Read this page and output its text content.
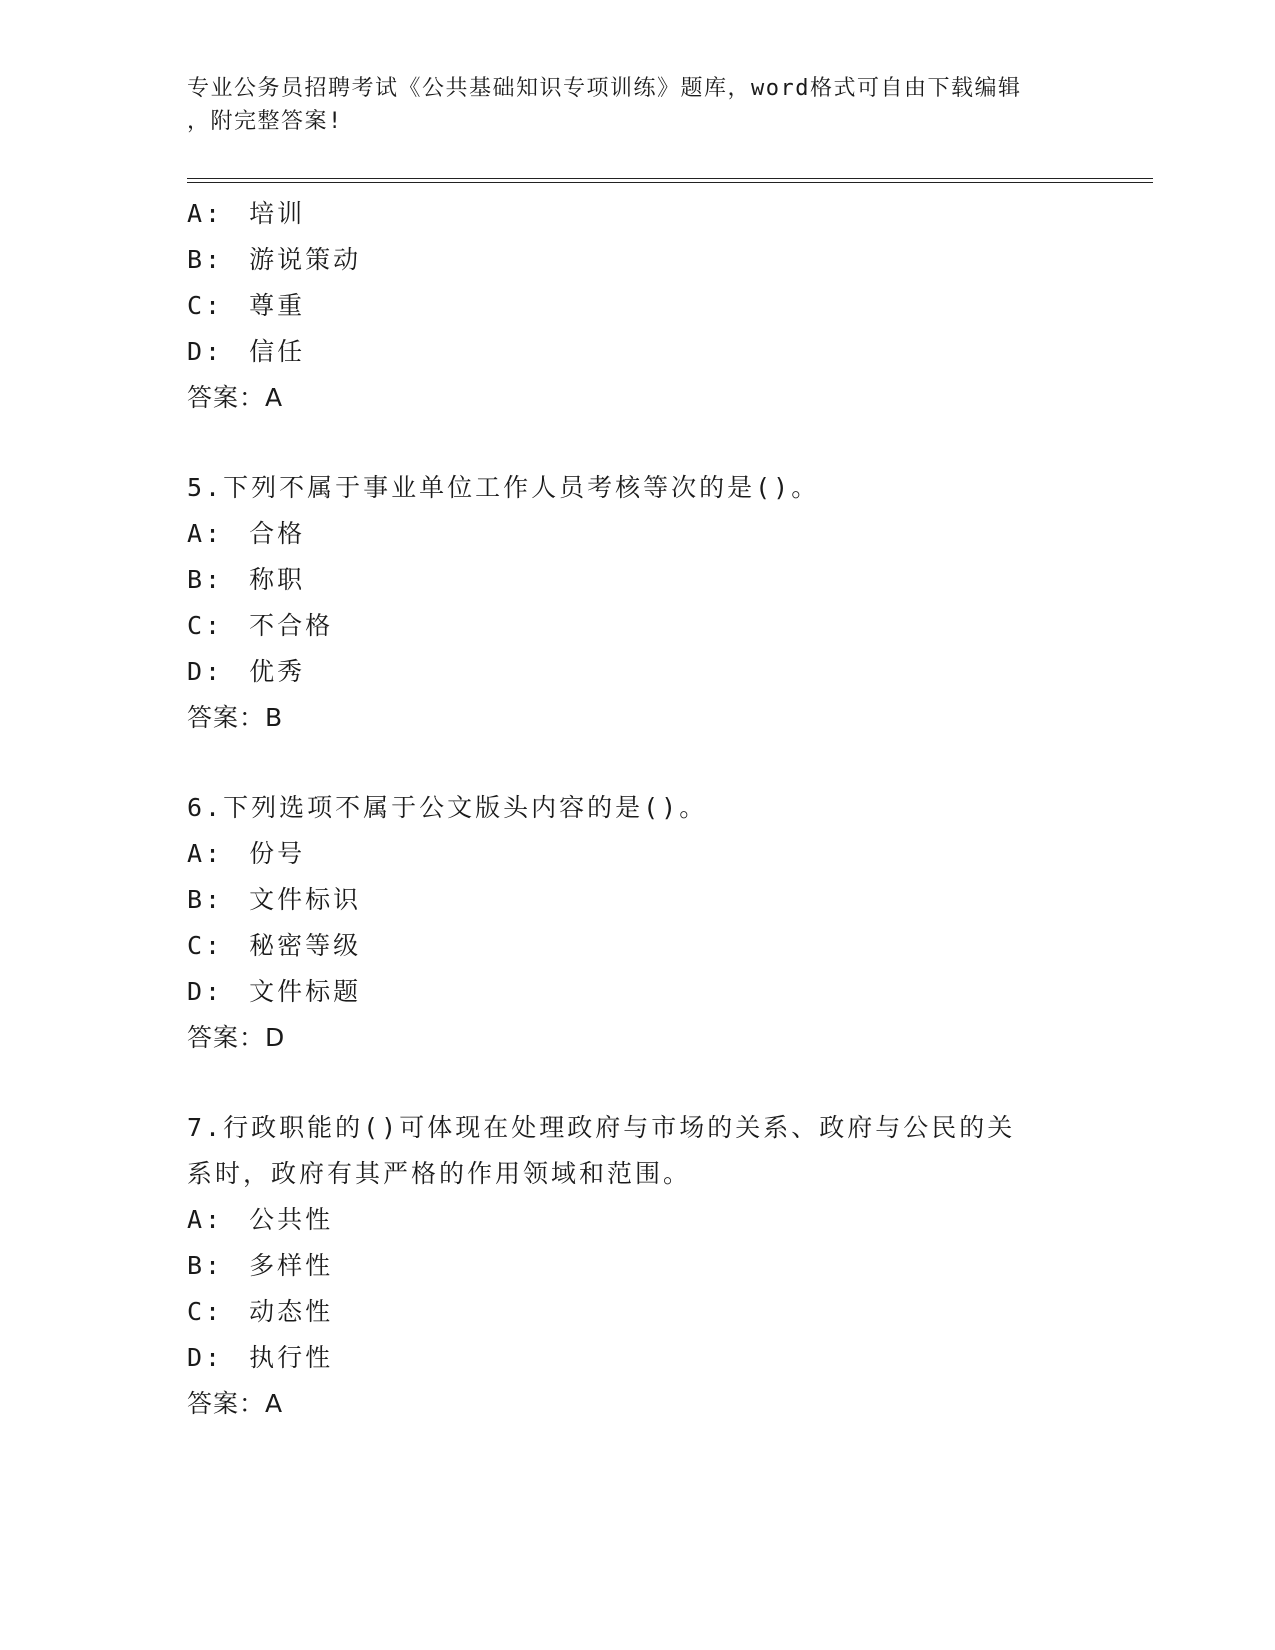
专业公务员招聘考试《公共基础知识专项训练》题库，word格式可自由下载编辑
，附完整答案!
A: 培训
B: 游说策动
C: 尊重
D: 信任
答案：A
5.下列不属于事业单位工作人员考核等次的是()。
A: 合格
B: 称职
C: 不合格
D: 优秀
答案：B
6.下列选项不属于公文版头内容的是()。
A: 份号
B: 文件标识
C: 秘密等级
D: 文件标题
答案：D
7.行政职能的()可体现在处理政府与市场的关系、政府与公民的关
系时，政府有其严格的作用领域和范围。
A: 公共性
B: 多样性
C: 动态性
D: 执行性
答案：A
